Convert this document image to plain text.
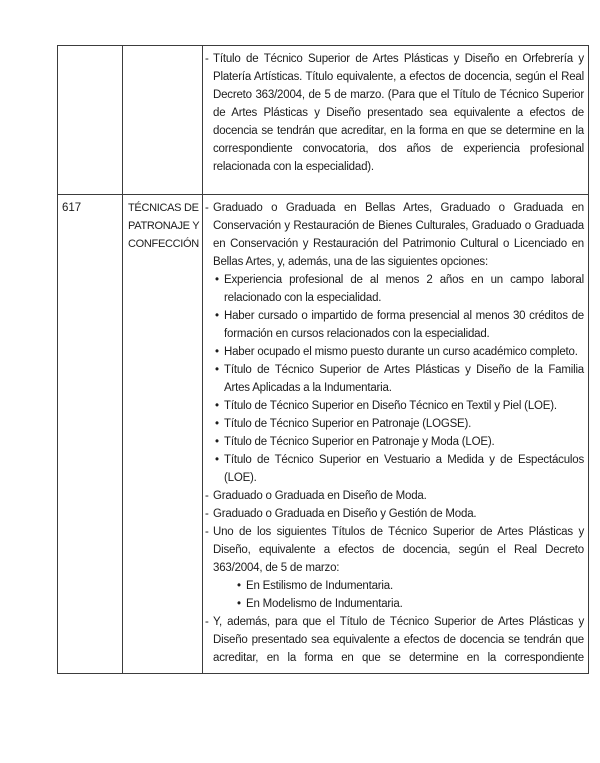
- Título de Técnico Superior de Artes Plásticas y Diseño en Orfebrería y Platería Artísticas. Título equivalente, a efectos de docencia, según el Real Decreto 363/2004, de 5 de marzo. (Para que el Título de Técnico Superior de Artes Plásticas y Diseño presentado sea equivalente a efectos de docencia se tendrán que acreditar, en la forma en que se determine en la correspondiente convocatoria, dos años de experiencia profesional relacionada con la especialidad).
617	TÉCNICAS DE PATRONAJE Y CONFECCIÓN
- Graduado o Graduada en Bellas Artes, Graduado o Graduada en Conservación y Restauración de Bienes Culturales, Graduado o Graduada en Conservación y Restauración del Patrimonio Cultural o Licenciado en Bellas Artes, y, además, una de las siguientes opciones:
• Experiencia profesional de al menos 2 años en un campo laboral relacionado con la especialidad.
• Haber cursado o impartido de forma presencial al menos 30 créditos de formación en cursos relacionados con la especialidad.
• Haber ocupado el mismo puesto durante un curso académico completo.
• Título de Técnico Superior de Artes Plásticas y Diseño de la Familia Artes Aplicadas a la Indumentaria.
• Título de Técnico Superior en Diseño Técnico en Textil y Piel (LOE).
• Título de Técnico Superior en Patronaje (LOGSE).
• Título de Técnico Superior en Patronaje y Moda (LOE).
• Título de Técnico Superior en Vestuario a Medida y de Espectáculos (LOE).
- Graduado o Graduada en Diseño de Moda.
- Graduado o Graduada en Diseño y Gestión de Moda.
- Uno de los siguientes Títulos de Técnico Superior de Artes Plásticas y Diseño, equivalente a efectos de docencia, según el Real Decreto 363/2004, de 5 de marzo:
• En Estilismo de Indumentaria.
• En Modelismo de Indumentaria.
- Y, además, para que el Título de Técnico Superior de Artes Plásticas y Diseño presentado sea equivalente a efectos de docencia se tendrán que acreditar, en la forma en que se determine en la correspondiente
